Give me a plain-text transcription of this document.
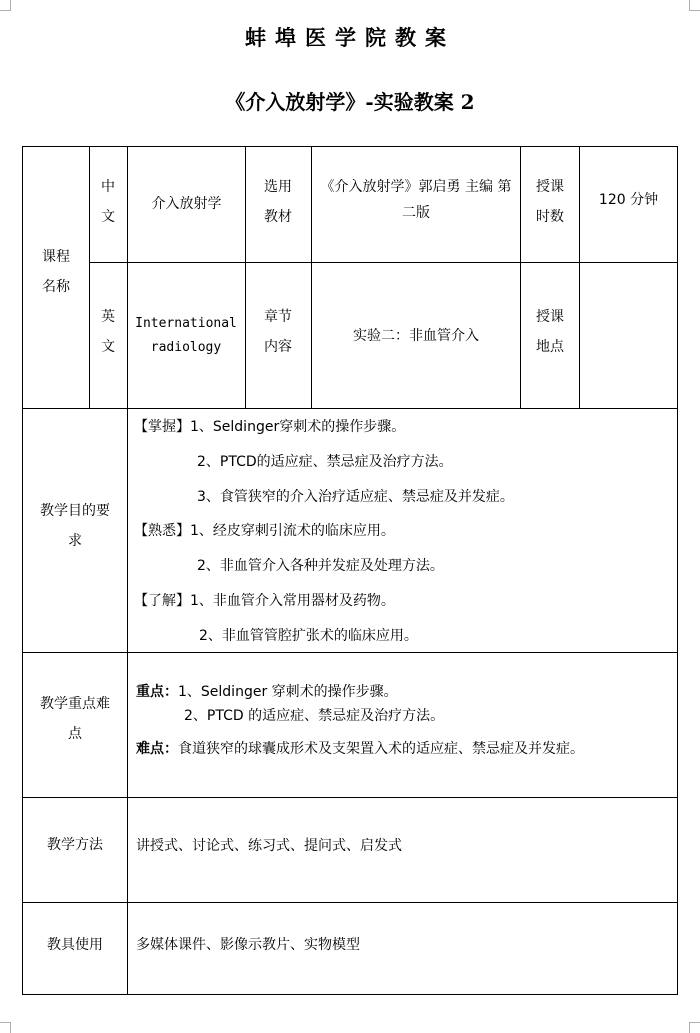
蚌埠医学院教案
《介入放射学》-实验教案 2
课程名称
中文
介入放射学
选用教材
《介入放射学》郭启勇 主编 第二版
授课时数
120 分钟
英文
International radiology
章节内容
实验二：非血管介入
授课地点
教学目的要求
【掌握】1、Seldinger穿刺术的操作步骤。
2、PTCD的适应症、禁忌症及治疗方法。
3、食管狭窄的介入治疗适应症、禁忌症及并发症。
【熟悉】1、经皮穿刺引流术的临床应用。
2、非血管介入各种并发症及处理方法。
【了解】1、非血管介入常用器材及药物。
2、非血管管腔扩张术的临床应用。
教学重点难点
重点：1、Seldinger 穿刺术的操作步骤。
2、PTCD 的适应症、禁忌症及治疗方法。
难点：食道狭窄的球囊成形术及支架置入术的适应症、禁忌症及并发症。
教学方法	讲授式、讨论式、练习式、提问式、启发式
教具使用	多媒体课件、影像示教片、实物模型
